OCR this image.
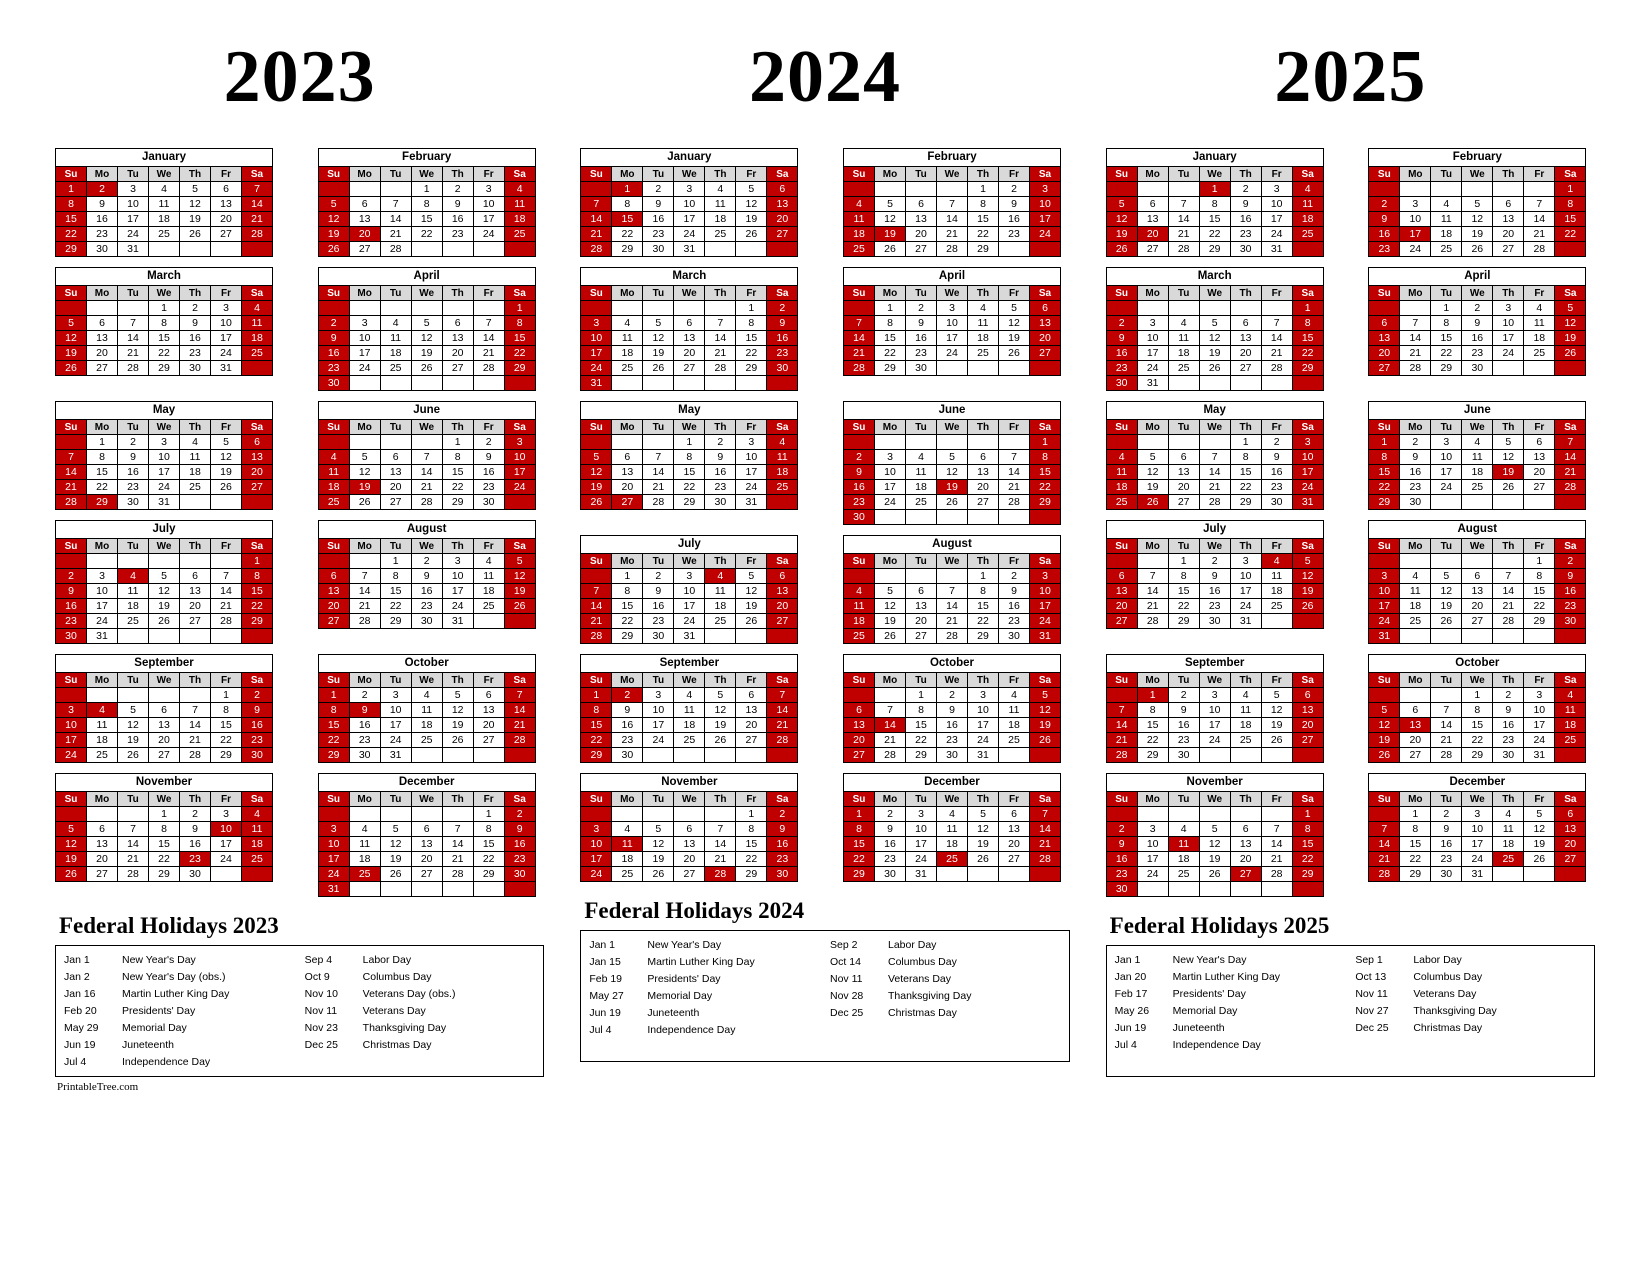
2023
January
Su	Mo	Tu	We	Th	Fr	Sa
1	2	3	4	5	6	7
8	9	10	11	12	13	14
15	16	17	18	19	20	21
22	23	24	25	26	27	28
29	30	31				
February
Su	Mo	Tu	We	Th	Fr	Sa
			1	2	3	4
5	6	7	8	9	10	11
12	13	14	15	16	17	18
19	20	21	22	23	24	25
26	27	28				
March
Su	Mo	Tu	We	Th	Fr	Sa
			1	2	3	4
5	6	7	8	9	10	11
12	13	14	15	16	17	18
19	20	21	22	23	24	25
26	27	28	29	30	31	
April
Su	Mo	Tu	We	Th	Fr	Sa
						1
2	3	4	5	6	7	8
9	10	11	12	13	14	15
16	17	18	19	20	21	22
23	24	25	26	27	28	29
30						
May
Su	Mo	Tu	We	Th	Fr	Sa
	1	2	3	4	5	6
7	8	9	10	11	12	13
14	15	16	17	18	19	20
21	22	23	24	25	26	27
28	29	30	31			
June
Su	Mo	Tu	We	Th	Fr	Sa
				1	2	3
4	5	6	7	8	9	10
11	12	13	14	15	16	17
18	19	20	21	22	23	24
25	26	27	28	29	30	
July
Su	Mo	Tu	We	Th	Fr	Sa
						1
2	3	4	5	6	7	8
9	10	11	12	13	14	15
16	17	18	19	20	21	22
23	24	25	26	27	28	29
30	31					
August
Su	Mo	Tu	We	Th	Fr	Sa
		1	2	3	4	5
6	7	8	9	10	11	12
13	14	15	16	17	18	19
20	21	22	23	24	25	26
27	28	29	30	31		
September
Su	Mo	Tu	We	Th	Fr	Sa
					1	2
3	4	5	6	7	8	9
10	11	12	13	14	15	16
17	18	19	20	21	22	23
24	25	26	27	28	29	30
October
Su	Mo	Tu	We	Th	Fr	Sa
1	2	3	4	5	6	7
8	9	10	11	12	13	14
15	16	17	18	19	20	21
22	23	24	25	26	27	28
29	30	31				
November
Su	Mo	Tu	We	Th	Fr	Sa
			1	2	3	4
5	6	7	8	9	10	11
12	13	14	15	16	17	18
19	20	21	22	23	24	25
26	27	28	29	30		
December
Su	Mo	Tu	We	Th	Fr	Sa
					1	2
3	4	5	6	7	8	9
10	11	12	13	14	15	16
17	18	19	20	21	22	23
24	25	26	27	28	29	30
31						
Federal Holidays 2023
Jan 1	New Year's Day
Jan 2	New Year's Day (obs.)
Jan 16	Martin Luther King Day
Feb 20	Presidents' Day
May 29	Memorial Day
Jun 19	Juneteenth
Jul 4	Independence Day
Sep 4	Labor Day
Oct 9	Columbus Day
Nov 10	Veterans Day (obs.)
Nov 11	Veterans Day
Nov 23	Thanksgiving Day
Dec 25	Christmas Day
PrintableTree.com
2024
January
Su	Mo	Tu	We	Th	Fr	Sa
	1	2	3	4	5	6
7	8	9	10	11	12	13
14	15	16	17	18	19	20
21	22	23	24	25	26	27
28	29	30	31			
February
Su	Mo	Tu	We	Th	Fr	Sa
				1	2	3
4	5	6	7	8	9	10
11	12	13	14	15	16	17
18	19	20	21	22	23	24
25	26	27	28	29		
March
Su	Mo	Tu	We	Th	Fr	Sa
					1	2
3	4	5	6	7	8	9
10	11	12	13	14	15	16
17	18	19	20	21	22	23
24	25	26	27	28	29	30
31						
April
Su	Mo	Tu	We	Th	Fr	Sa
	1	2	3	4	5	6
7	8	9	10	11	12	13
14	15	16	17	18	19	20
21	22	23	24	25	26	27
28	29	30				
May
Su	Mo	Tu	We	Th	Fr	Sa
			1	2	3	4
5	6	7	8	9	10	11
12	13	14	15	16	17	18
19	20	21	22	23	24	25
26	27	28	29	30	31	
June
Su	Mo	Tu	We	Th	Fr	Sa
						1
2	3	4	5	6	7	8
9	10	11	12	13	14	15
16	17	18	19	20	21	22
23	24	25	26	27	28	29
30						
July
Su	Mo	Tu	We	Th	Fr	Sa
	1	2	3	4	5	6
7	8	9	10	11	12	13
14	15	16	17	18	19	20
21	22	23	24	25	26	27
28	29	30	31			
August
Su	Mo	Tu	We	Th	Fr	Sa
				1	2	3
4	5	6	7	8	9	10
11	12	13	14	15	16	17
18	19	20	21	22	23	24
25	26	27	28	29	30	31
September
Su	Mo	Tu	We	Th	Fr	Sa
1	2	3	4	5	6	7
8	9	10	11	12	13	14
15	16	17	18	19	20	21
22	23	24	25	26	27	28
29	30					
October
Su	Mo	Tu	We	Th	Fr	Sa
		1	2	3	4	5
6	7	8	9	10	11	12
13	14	15	16	17	18	19
20	21	22	23	24	25	26
27	28	29	30	31		
November
Su	Mo	Tu	We	Th	Fr	Sa
					1	2
3	4	5	6	7	8	9
10	11	12	13	14	15	16
17	18	19	20	21	22	23
24	25	26	27	28	29	30
December
Su	Mo	Tu	We	Th	Fr	Sa
1	2	3	4	5	6	7
8	9	10	11	12	13	14
15	16	17	18	19	20	21
22	23	24	25	26	27	28
29	30	31				
Federal Holidays 2024
Jan 1	New Year's Day
Jan 15	Martin Luther King Day
Feb 19	Presidents' Day
May 27	Memorial Day
Jun 19	Juneteenth
Jul 4	Independence Day
Sep 2	Labor Day
Oct 14	Columbus Day
Nov 11	Veterans Day
Nov 28	Thanksgiving Day
Dec 25	Christmas Day
2025
January
Su	Mo	Tu	We	Th	Fr	Sa
			1	2	3	4
5	6	7	8	9	10	11
12	13	14	15	16	17	18
19	20	21	22	23	24	25
26	27	28	29	30	31	
February
Su	Mo	Tu	We	Th	Fr	Sa
						1
2	3	4	5	6	7	8
9	10	11	12	13	14	15
16	17	18	19	20	21	22
23	24	25	26	27	28	
March
Su	Mo	Tu	We	Th	Fr	Sa
						1
2	3	4	5	6	7	8
9	10	11	12	13	14	15
16	17	18	19	20	21	22
23	24	25	26	27	28	29
30	31					
April
Su	Mo	Tu	We	Th	Fr	Sa
		1	2	3	4	5
6	7	8	9	10	11	12
13	14	15	16	17	18	19
20	21	22	23	24	25	26
27	28	29	30			
May
Su	Mo	Tu	We	Th	Fr	Sa
				1	2	3
4	5	6	7	8	9	10
11	12	13	14	15	16	17
18	19	20	21	22	23	24
25	26	27	28	29	30	31
June
Su	Mo	Tu	We	Th	Fr	Sa
1	2	3	4	5	6	7
8	9	10	11	12	13	14
15	16	17	18	19	20	21
22	23	24	25	26	27	28
29	30					
July
Su	Mo	Tu	We	Th	Fr	Sa
		1	2	3	4	5
6	7	8	9	10	11	12
13	14	15	16	17	18	19
20	21	22	23	24	25	26
27	28	29	30	31		
August
Su	Mo	Tu	We	Th	Fr	Sa
					1	2
3	4	5	6	7	8	9
10	11	12	13	14	15	16
17	18	19	20	21	22	23
24	25	26	27	28	29	30
31						
September
Su	Mo	Tu	We	Th	Fr	Sa
	1	2	3	4	5	6
7	8	9	10	11	12	13
14	15	16	17	18	19	20
21	22	23	24	25	26	27
28	29	30				
October
Su	Mo	Tu	We	Th	Fr	Sa
			1	2	3	4
5	6	7	8	9	10	11
12	13	14	15	16	17	18
19	20	21	22	23	24	25
26	27	28	29	30	31	
November
Su	Mo	Tu	We	Th	Fr	Sa
						1
2	3	4	5	6	7	8
9	10	11	12	13	14	15
16	17	18	19	20	21	22
23	24	25	26	27	28	29
30						
December
Su	Mo	Tu	We	Th	Fr	Sa
	1	2	3	4	5	6
7	8	9	10	11	12	13
14	15	16	17	18	19	20
21	22	23	24	25	26	27
28	29	30	31			
Federal Holidays 2025
Jan 1	New Year's Day
Jan 20	Martin Luther King Day
Feb 17	Presidents' Day
May 26	Memorial Day
Jun 19	Juneteenth
Jul 4	Independence Day
Sep 1	Labor Day
Oct 13	Columbus Day
Nov 11	Veterans Day
Nov 27	Thanksgiving Day
Dec 25	Christmas Day
